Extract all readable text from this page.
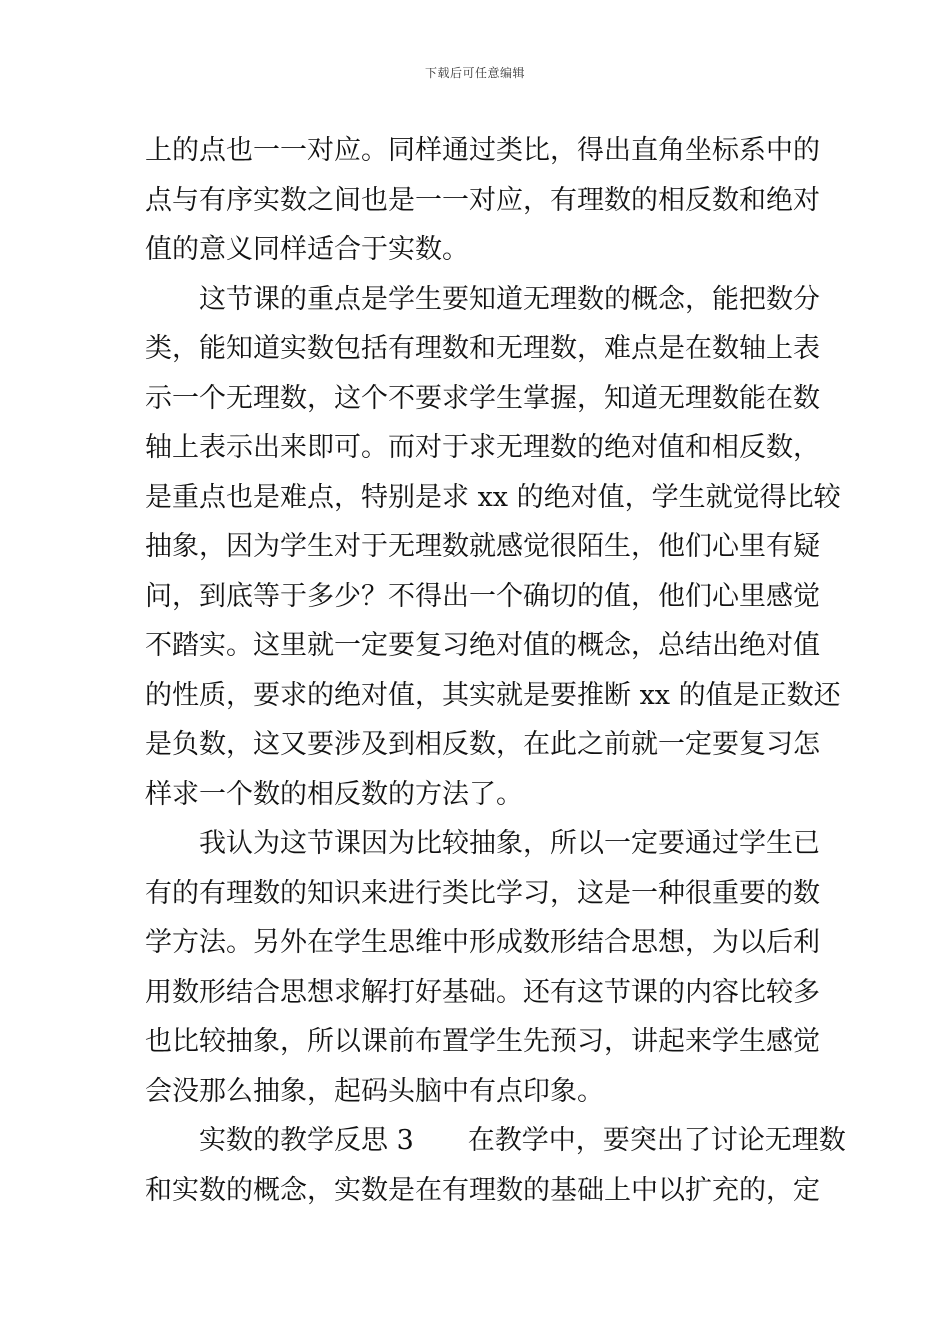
下载后可任意编辑
上的点也一一对应。同样通过类比，得出直角坐标系中的
点与有序实数之间也是一一对应，有理数的相反数和绝对
值的意义同样适合于实数。
这节课的重点是学生要知道无理数的概念，能把数分
类，能知道实数包括有理数和无理数，难点是在数轴上表
示一个无理数，这个不要求学生掌握，知道无理数能在数
轴上表示出来即可。而对于求无理数的绝对值和相反数，
是重点也是难点，特别是求 xx 的绝对值，学生就觉得比较
抽象，因为学生对于无理数就感觉很陌生，他们心里有疑
问，到底等于多少？不得出一个确切的值，他们心里感觉
不踏实。这里就一定要复习绝对值的概念，总结出绝对值
的性质，要求的绝对值，其实就是要推断 xx 的值是正数还
是负数，这又要涉及到相反数，在此之前就一定要复习怎
样求一个数的相反数的方法了。
我认为这节课因为比较抽象，所以一定要通过学生已
有的有理数的知识来进行类比学习，这是一种很重要的数
学方法。另外在学生思维中形成数形结合思想，为以后利
用数形结合思想求解打好基础。还有这节课的内容比较多
也比较抽象，所以课前布置学生先预习，讲起来学生感觉
会没那么抽象，起码头脑中有点印象。
实数的教学反思 3　　在教学中，要突出了讨论无理数
和实数的概念，实数是在有理数的基础上中以扩充的，定
